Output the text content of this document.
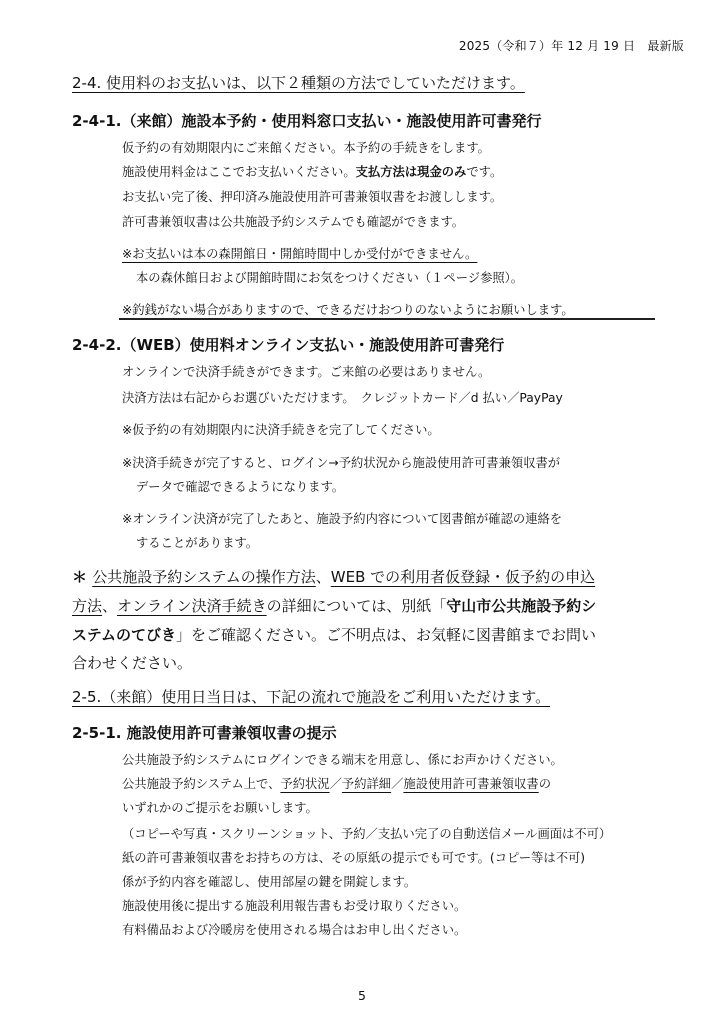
2025（令和７）年 12 月 19 日　最新版

2-4. 使用料のお支払いは、以下２種類の方法でしていただけます。

2-4-1.（来館）施設本予約・使用料窓口支払い・施設使用許可書発行

仮予約の有効期限内にご来館ください。本予約の手続きをします。

施設使用料金はここでお支払いください。支払方法は現金のみです。

お支払い完了後、押印済み施設使用許可書兼領収書をお渡しします。

許可書兼領収書は公共施設予約システムでも確認ができます。

※お支払いは本の森開館日・開館時間中しか受付ができません。

本の森休館日および開館時間にお気をつけください（１ページ参照）。

※釣銭がない場合がありますので、できるだけおつりのないようにお願いします。

2-4-2.（WEB）使用料オンライン支払い・施設使用許可書発行

オンラインで決済手続きができます。ご来館の必要はありません。

決済方法は右記からお選びいただけます。　クレジットカード／d 払い／PayPay

※仮予約の有効期限内に決済手続きを完了してください。

※決済手続きが完了すると、ログイン→予約状況から施設使用許可書兼領収書が

データで確認できるようになります。

※オンライン決済が完了したあと、施設予約内容について図書館が確認の連絡を

することがあります。

＊ 公共施設予約システムの操作方法、WEB での利用者仮登録・仮予約の申込

方法、オンライン決済手続きの詳細については、別紙「守山市公共施設予約シ

ステムのてびき」をご確認ください。ご不明点は、お気軽に図書館までお問い

合わせください。

2-5.（来館）使用日当日は、下記の流れで施設をご利用いただけます。

2-5-1. 施設使用許可書兼領収書の提示

公共施設予約システムにログインできる端末を用意し、係にお声かけください。

公共施設予約システム上で、予約状況／予約詳細／施設使用許可書兼領収書の

いずれかのご提示をお願いします。

（コピーや写真・スクリーンショット、予約／支払い完了の自動送信メール画面は不可）

紙の許可書兼領収書をお持ちの方は、その原紙の提示でも可です。(コピー等は不可)

係が予約内容を確認し、使用部屋の鍵を開錠します。

施設使用後に提出する施設利用報告書もお受け取りください。

有料備品および冷暖房を使用される場合はお申し出ください。

5
